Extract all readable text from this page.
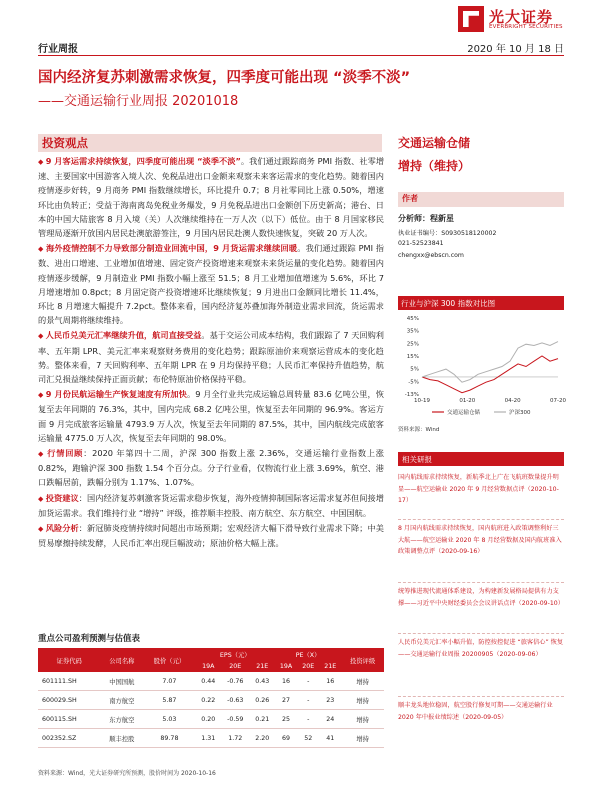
光大证券
EVERBRIGHT SECURITIES
行业周报	2020 年 10 月 18 日
国内经济复苏刺激需求恢复，四季度可能出现 “淡季不淡”
——交通运输行业周报 20201018
投资观点

◆ 9 月客运需求持续恢复，四季度可能出现 “淡季不淡”。我们通过跟踪商务 PMI 指数、社零增速、主要国家中国游客入境人次、免税品进出口金额来观察未来客运需求的变化趋势。随着国内疫情逐步好转，9 月商务 PMI 指数继续增长，环比提升 0.7；8 月社零同比上涨 0.50%，增速环比由负转正；受益于海南离岛免税业务爆发，9 月免税品进出口金额创下历史新高；港台、日本的中国大陆旅客 8 月入境（关）人次继续维持在一万人次（以下）低位。由于 8 月国家移民管理局逐渐开放国内居民赴澳旅游签注，9 月国内居民赴澳人数快速恢复，突破 20 万人次。

◆ 海外疫情控制不力导致部分制造业回流中国，9 月货运需求继续回暖。我们通过跟踪 PMI 指数、进出口增速、工业增加值增速、固定资产投资增速来观察未来货运量的变化趋势。随着国内疫情逐步缓解，9 月制造业 PMI 指数小幅上涨至 51.5；8 月工业增加值增速为 5.6%，环比 7 月增速增加 0.8pct；8 月固定资产投资增速环比继续恢复；9 月进出口金额同比增长 11.4%，环比 8 月增速大幅提升 7.2pct。整体来看，国内经济复苏叠加海外制造业需求回流，货运需求的景气周期将继续维持。

◆ 人民币兑美元汇率继续升值，航司直接受益。基于交运公司成本结构，我们跟踪了 7 天回购利率、五年期 LPR、美元汇率来观察财务费用的变化趋势；跟踪原油价来观察运营成本的变化趋势。整体来看，7 天回购利率、五年期 LPR 在 9 月均保持平稳；人民币汇率保持升值趋势，航司汇兑损益继续保持正面贡献；布伦特原油价格保持平稳。

◆ 9 月份民航运输生产恢复速度有所加快。9 月全行业共完成运输总周转量 83.6 亿吨公里，恢复至去年同期的 76.3%，其中，国内完成 68.2 亿吨公里，恢复至去年同期的 96.9%。客运方面 9 月完成旅客运输量 4793.9 万人次，恢复至去年同期的 87.5%，其中，国内航线完成旅客运输量 4775.0 万人次，恢复至去年同期的 98.0%。

◆ 行情回顾：2020 年第四十二周，沪深 300 指数上涨 2.36%，交通运输行业指数上涨 0.82%，跑输沪深 300 指数 1.54 个百分点。分子行业看，仅物流行业上涨 3.69%，航空、港口跌幅居前，跌幅分别为 1.17%、1.07%。

◆ 投资建议：国内经济复苏刺激客货运需求稳步恢复，海外疫情抑制国际客运需求复苏但间接增加货运需求。我们维持行业 “增持” 评级，推荐顺丰控股、南方航空、东方航空、中国国航。

◆ 风险分析：新冠肺炎疫情持续时间超出市场预期；宏观经济大幅下滑导致行业需求下降；中美贸易摩擦持续发酵，人民币汇率出现巨幅波动；原油价格大幅上涨。

重点公司盈利预测与估值表
证券代码	公司名称	股价（元）	EPS（元）			PE（X）			投资评级
			19A	20E	21E	19A	20E	21E	
601111.SH	中国国航	7.07	0.44	-0.76	0.43	16	-	16	增持
600029.SH	南方航空	5.87	0.22	-0.63	0.26	27	-	23	增持
600115.SH	东方航空	5.03	0.20	-0.59	0.21	25	-	24	增持
002352.SZ	顺丰控股	89.78	1.31	1.72	2.20	69	52	41	增持
资料来源：Wind，光大证券研究所预测，股价时间为 2020-10-16
交通运输仓储
增持（维持）
作者
分析师：程新星
执业证书编号：S0930518120002
021-52523841
chengxx@ebscn.com
行业与沪深 300 指数对比图
45%
35%
25%
15%
5%
-5%
-13%
10-19	01-20	04-20	07-20
交通运输仓储	沪深300
资料来源：Wind
相关研报
国内航线需求持续恢复，新航季北上广在飞航班数量提升明显——航空运输业 2020 年 9 月经营数据点评（2020-10-17）
8 月国内航线需求持续恢复，国内航班进入政策调整利好三大航——航空运输业 2020 年 8 月经营数据及国内航班准入政策调整点评（2020-09-16）
统筹推进现代流通体系建设，为构建新发展格局提供有力支撑——习近平中央财经委员会会议讲话点评（2020-09-10）
人民币兑美元汇率小幅升值，防控按控促进 “旅客信心” 恢复——交通运输行业周报 20200905（2020-09-06）
顺丰龙头地位稳固，航空股行修复可期——交通运输行业 2020 年中报业绩综述（2020-09-05）
